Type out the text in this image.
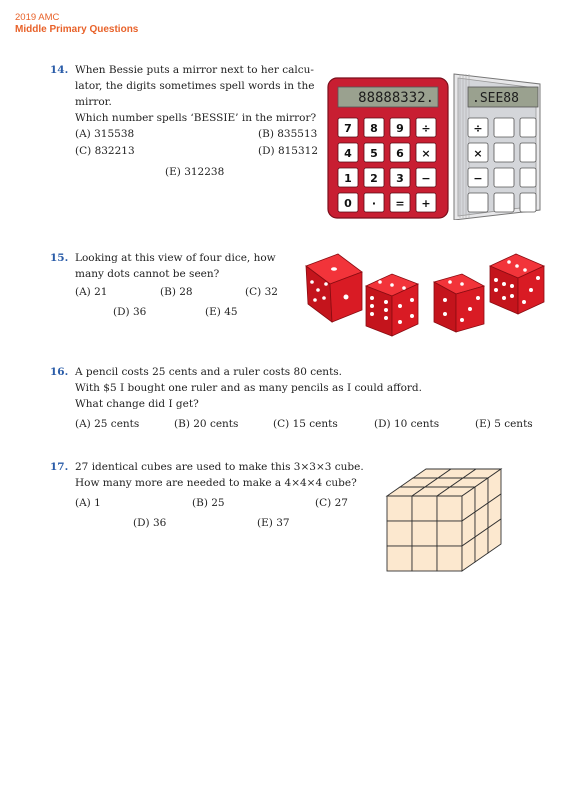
2019 AMC
Middle Primary Questions
14. When Bessie puts a mirror next to her calcu-
lator, the digits sometimes spell words in the
mirror.
Which number spells ‘BESSIE’ in the mirror?
(A) 315538	(B) 835513
(C) 832213	(D) 815312
(E) 312238
88888332.
7 8 9 ÷
4 5 6 ×
1 2 3 −
0 · = +
.SEE88
÷
×
−
15. Looking at this view of four dice, how
many dots cannot be seen?
(A) 21	(B) 28	(C) 32
(D) 36	(E) 45
16. A pencil costs 25 cents and a ruler costs 80 cents.
With $5 I bought one ruler and as many pencils as I could afford.
What change did I get?
(A) 25 cents	(B) 20 cents	(C) 15 cents	(D) 10 cents	(E) 5 cents
17. 27 identical cubes are used to make this 3×3×3 cube.
How many more are needed to make a 4×4×4 cube?
(A) 1	(B) 25	(C) 27
(D) 36	(E) 37
